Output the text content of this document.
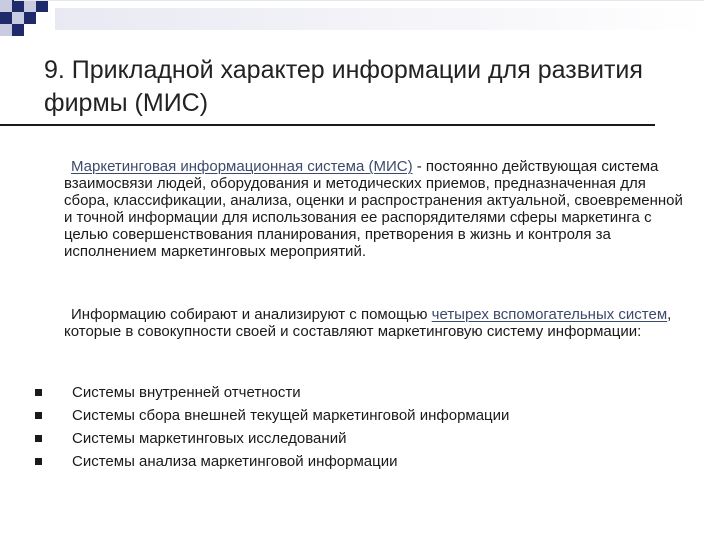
9. Прикладной характер информации для развития фирмы (МИС)
Маркетинговая информационная система (МИС) - постоянно действующая система взаимосвязи людей, оборудования и методических приемов, предназначенная для сбора, классификации, анализа, оценки и распространения актуальной, своевременной и точной информации для использования ее распорядителями сферы маркетинга с целью совершенствования планирования, претворения в жизнь и контроля за исполнением маркетинговых мероприятий.
Информацию собирают и анализируют с помощью четырех вспомогательных систем, которые в совокупности своей и составляют маркетинговую систему информации:
Системы внутренней отчетности
Системы сбора внешней текущей маркетинговой информации
Системы маркетинговых исследований
Системы анализа маркетинговой информации
